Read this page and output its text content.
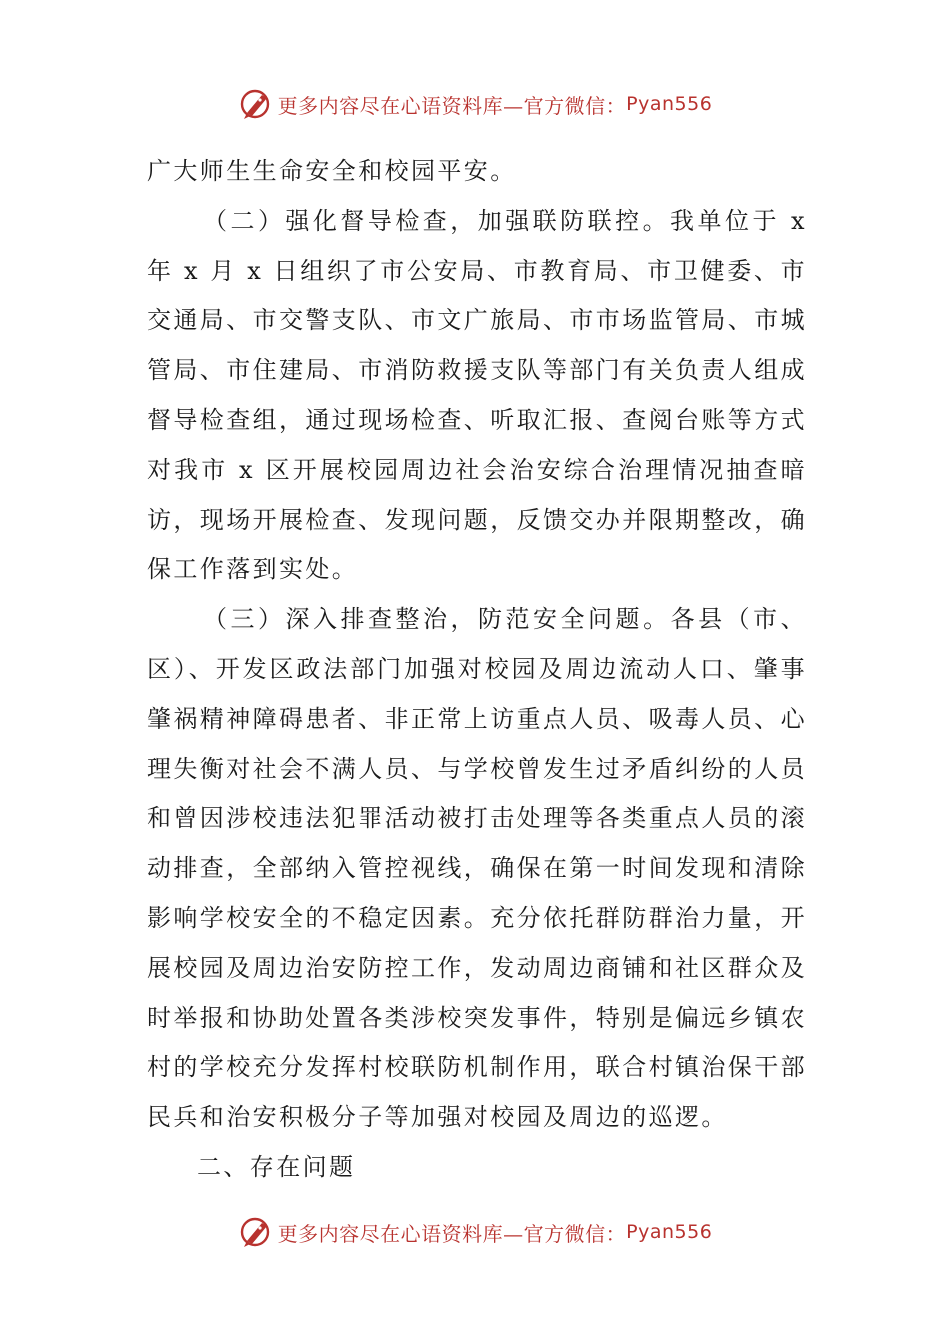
更多内容尽在心语资料库—官方微信： Pyan556

广大师生生命安全和校园平安。

（二）强化督导检查，加强联防联控。我单位于 x 年 x 月 x 日组织了市公安局、市教育局、市卫健委、市交通局、市交警支队、市文广旅局、市市场监管局、市城管局、市住建局、市消防救援支队等部门有关负责人组成督导检查组，通过现场检查、听取汇报、查阅台账等方式对我市 x 区开展校园周边社会治安综合治理情况抽查暗访，现场开展检查、发现问题，反馈交办并限期整改，确保工作落到实处。

（三）深入排查整治，防范安全问题。各县（市、区）、开发区政法部门加强对校园及周边流动人口、肇事肇祸精神障碍患者、非正常上访重点人员、吸毒人员、心理失衡对社会不满人员、与学校曾发生过矛盾纠纷的人员和曾因涉校违法犯罪活动被打击处理等各类重点人员的滚动排查，全部纳入管控视线，确保在第一时间发现和清除影响学校安全的不稳定因素。充分依托群防群治力量，开展校园及周边治安防控工作，发动周边商铺和社区群众及时举报和协助处置各类涉校突发事件，特别是偏远乡镇农村的学校充分发挥村校联防机制作用，联合村镇治保干部民兵和治安积极分子等加强对校园及周边的巡逻。

二、存在问题

更多内容尽在心语资料库—官方微信： Pyan556
